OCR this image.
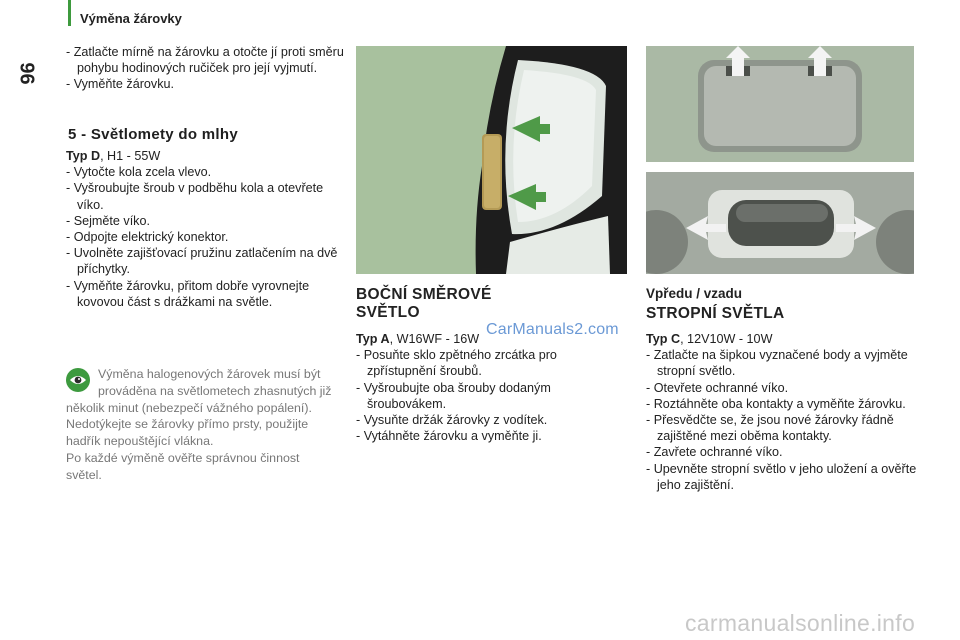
Výměna žárovky
96
- Zatlačte mírně na žárovku a otočte jí proti směru pohybu hodinových ručiček pro její vyjmutí.
- Vyměňte žárovku.
5 - Světlomety do mlhy
Typ D, H1 - 55W
- Vytočte kola zcela vlevo.
- Vyšroubujte šroub v podběhu kola a otevřete víko.
- Sejměte víko.
- Odpojte elektrický konektor.
- Uvolněte zajišťovací pružinu zatlačením na dvě příchytky.
- Vyměňte žárovku, přitom dobře vyrovnejte kovovou část s drážkami na světle.
Výměna halogenových žárovek musí být prováděna na světlometech zhasnutých již několik minut (nebezpečí vážného popálení). Nedotýkejte se žárovky přímo prsty, použijte hadřík nepouštějící vlákna.
Po každé výměně ověřte správnou činnost světel.
BOČNÍ SMĚROVÉ
SVĚTLO
Typ A, W16WF - 16W
- Posuňte sklo zpětného zrcátka pro zpřístupnění šroubů.
- Vyšroubujte oba šrouby dodaným šroubovákem.
- Vysuňte držák žárovky z vodítek.
- Vytáhněte žárovku a vyměňte ji.
Vpředu / vzadu
STROPNÍ SVĚTLA
Typ C, 12V10W - 10W
- Zatlačte na šipkou vyznačené body a vyjměte stropní světlo.
- Otevřete ochranné víko.
- Roztáhněte oba kontakty a vyměňte žárovku.
- Přesvědčte se, že jsou nové žárovky řádně zajištěné mezi oběma kontakty.
- Zavřete ochranné víko.
- Upevněte stropní světlo v jeho uložení a ověřte jeho zajištění.
CarManuals2.com
carmanualsonline.info
